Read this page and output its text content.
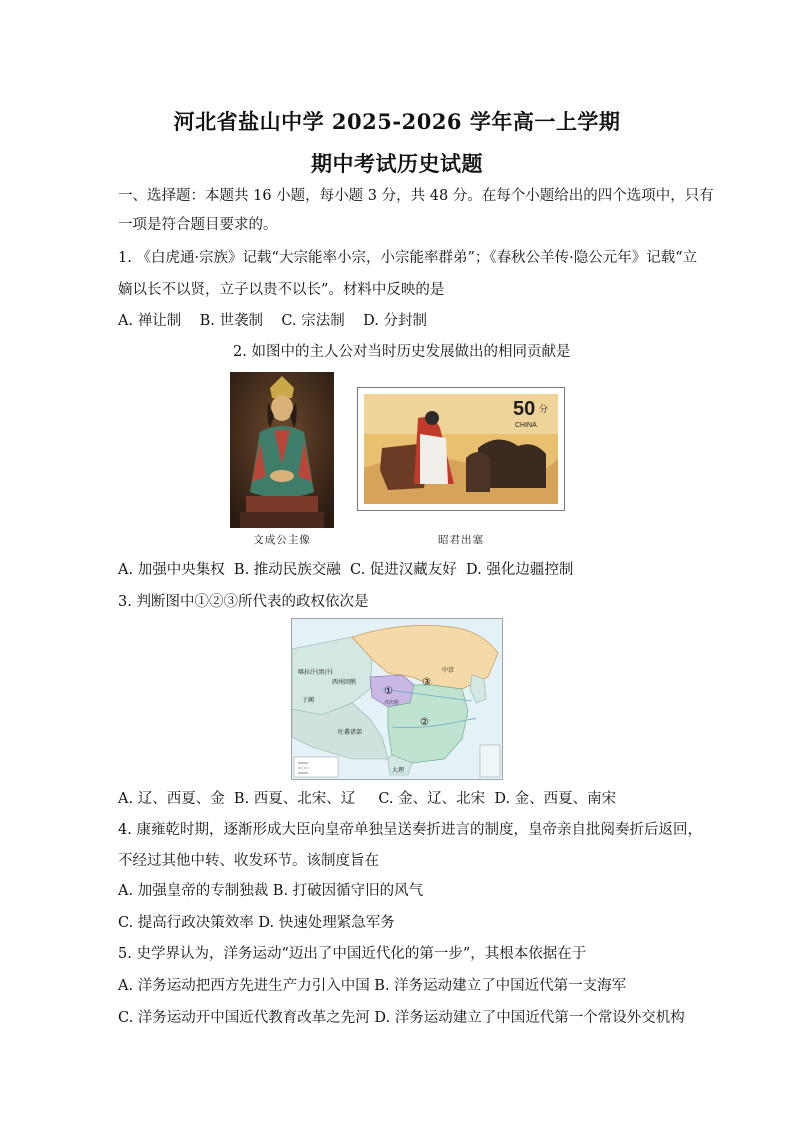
河北省盐山中学 2025-2026 学年高一上学期
期中考试历史试题
一、选择题：本题共 16 小题，每小题 3 分，共 48 分。在每个小题给出的四个选项中，只有
一项是符合题目要求的。
1. 《白虎通·宗族》记载“大宗能率小宗，小宗能率群弟”；《春秋公羊传·隐公元年》记载“立
嫡以长不以贤，立子以贵不以长”。材料中反映的是
A. 禅让制    B. 世袭制    C. 宗法制    D. 分封制
2. 如图中的主人公对当时历史发展做出的相同贡献是
50 分
CHINA
文成公主像	昭君出塞
A. 加强中央集权  B. 推动民族交融  C. 促进汉藏友好  D. 强化边疆控制
3. 判断图中①②③所代表的政权依次是
①
②
③
中京
西州回鹘
喀拉汗(黑汗)
于阗
吐蕃诸部
兴庆府
大理
A. 辽、西夏、金  B. 西夏、北宋、辽     C. 金、辽、北宋  D. 金、西夏、南宋
4. 康雍乾时期，逐渐形成大臣向皇帝单独呈送奏折进言的制度，皇帝亲自批阅奏折后返回，
不经过其他中转、收发环节。该制度旨在
A. 加强皇帝的专制独裁 B. 打破因循守旧的风气
C. 提高行政决策效率 D. 快速处理紧急军务
5. 史学界认为，洋务运动“迈出了中国近代化的第一步”，其根本依据在于
A. 洋务运动把西方先进生产力引入中国 B. 洋务运动建立了中国近代第一支海军
C. 洋务运动开中国近代教育改革之先河 D. 洋务运动建立了中国近代第一个常设外交机构
